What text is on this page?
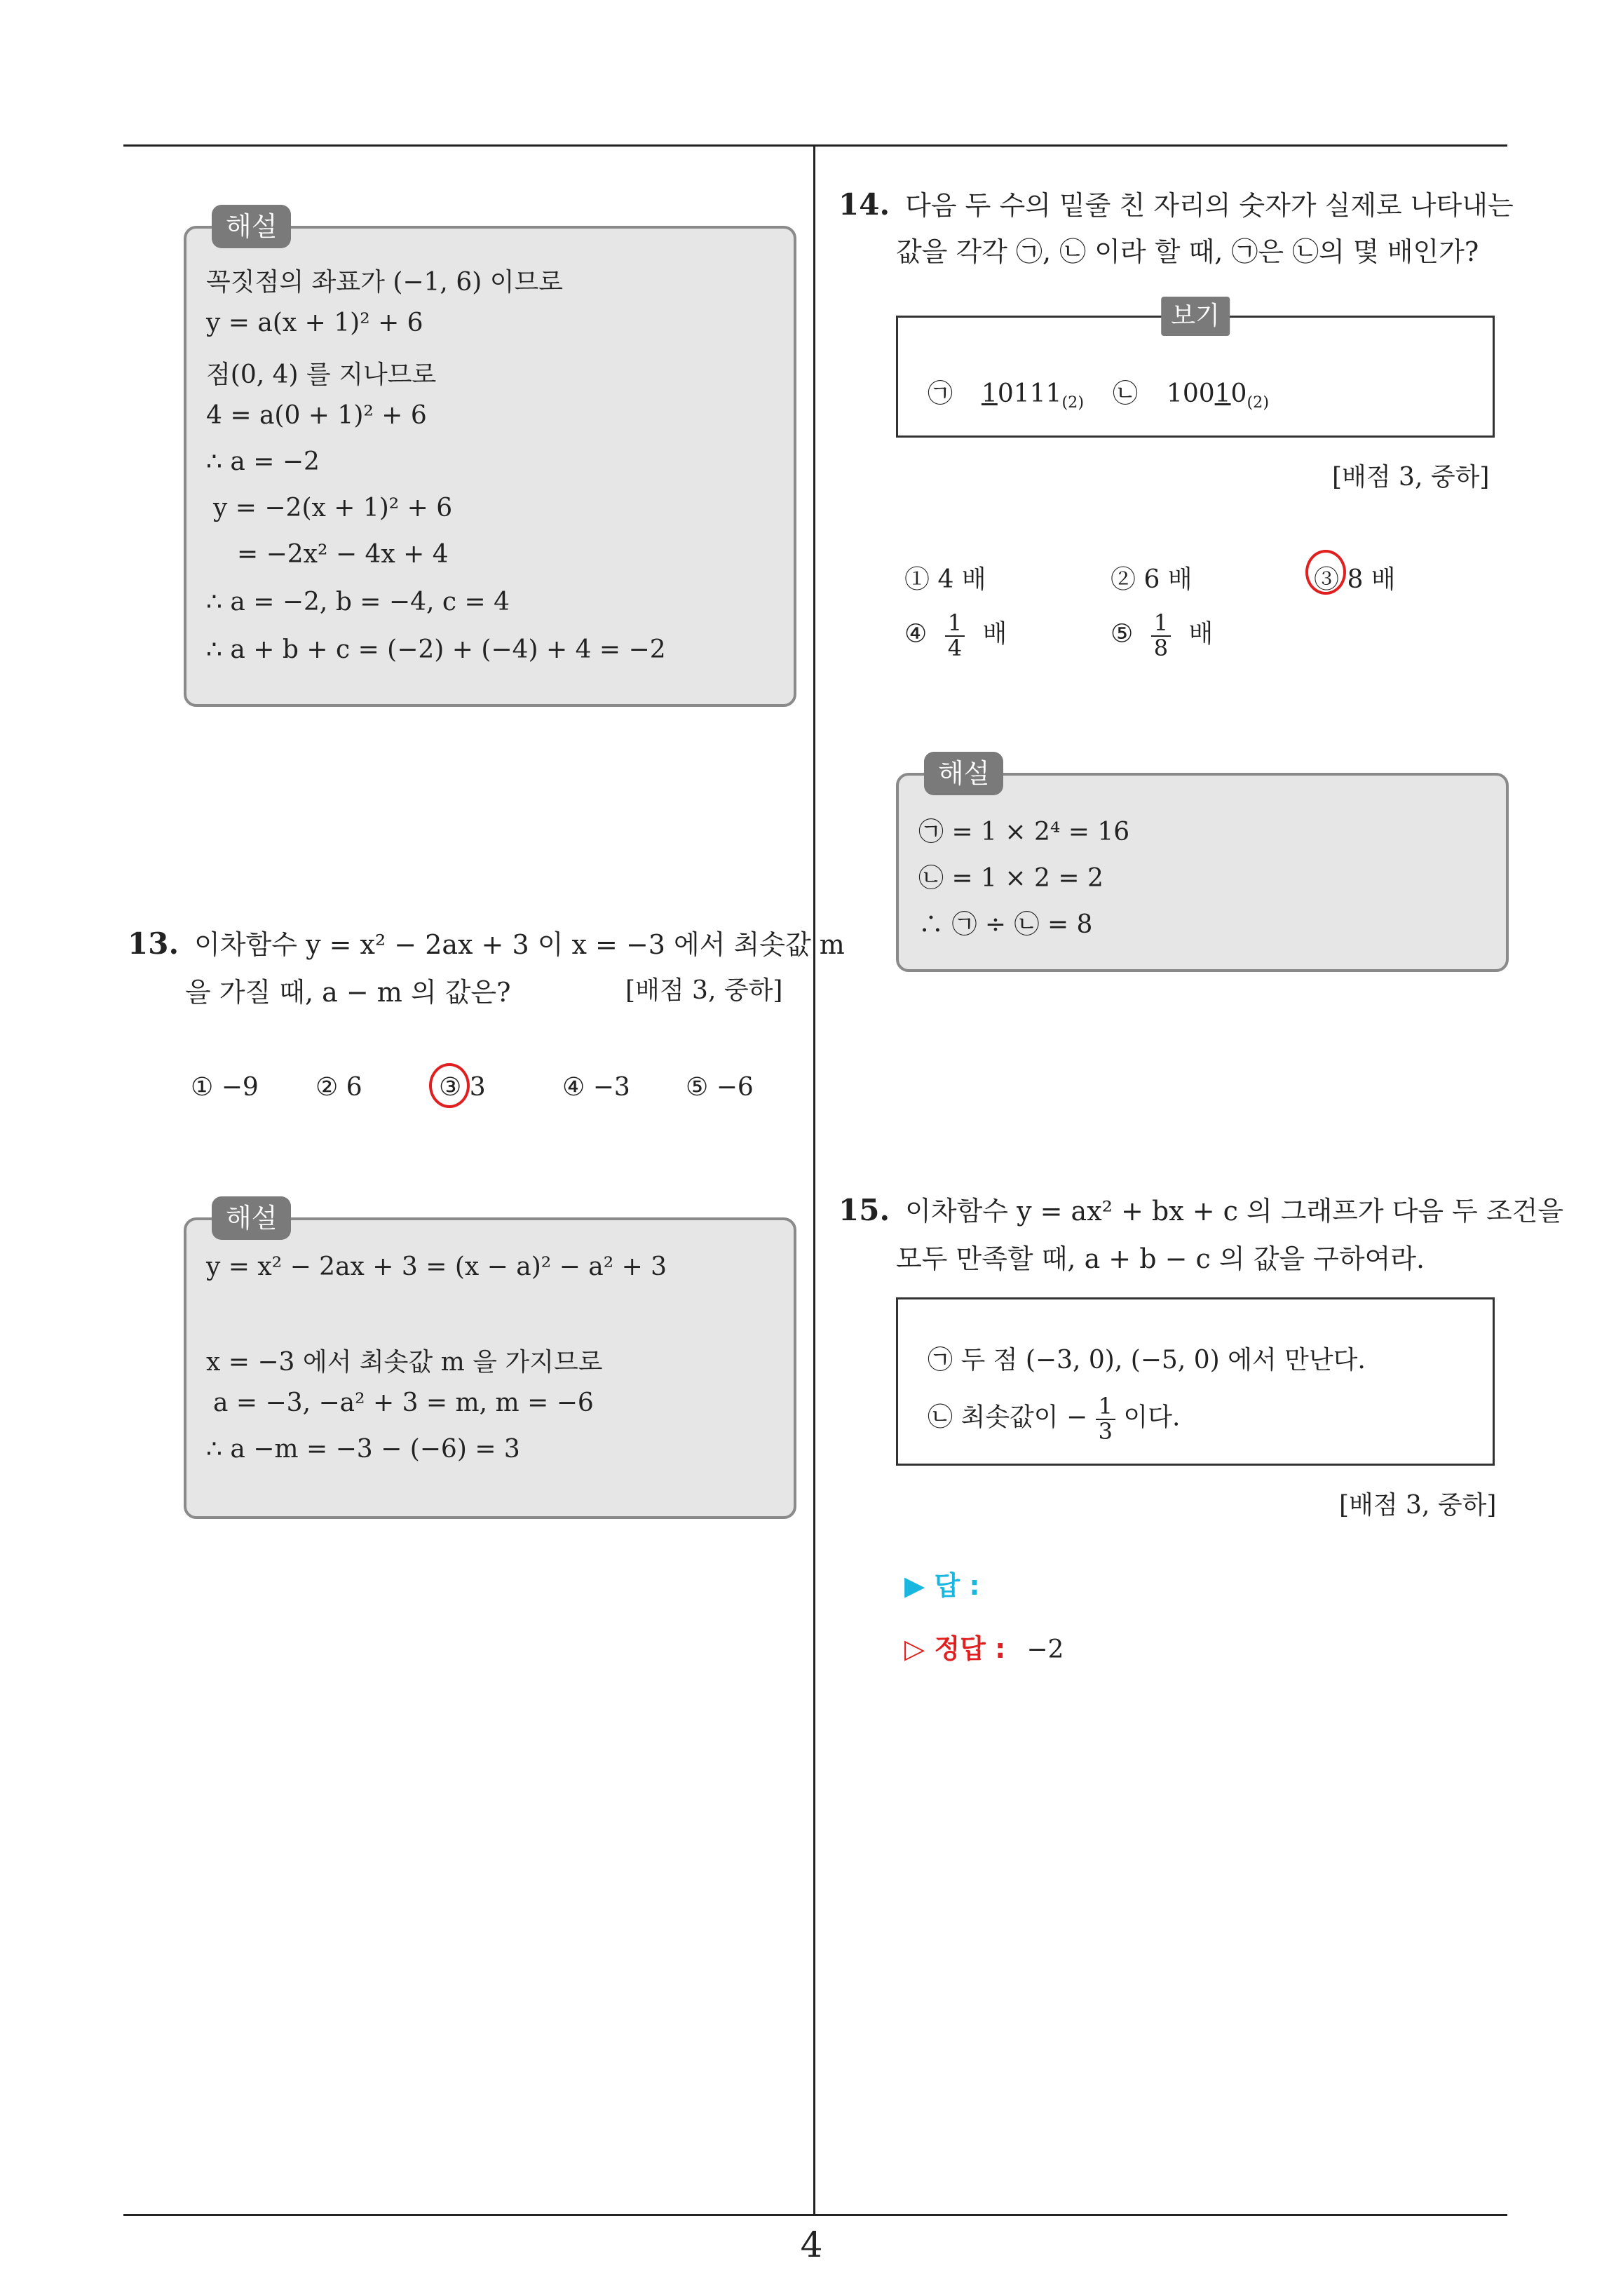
해설
꼭짓점의 좌표가 (−1, 6) 이므로
y = a(x + 1)² + 6
점(0, 4) 를 지나므로
4 = a(0 + 1)² + 6
∴ a = −2
y = −2(x + 1)² + 6
= −2x² − 4x + 4
∴ a = −2, b = −4, c = 4
∴ a + b + c = (−2) + (−4) + 4 = −2
13. 이차함수 y = x² − 2ax + 3 이 x = −3 에서 최솟값 m
을 가질 때, a − m 의 값은?	[배점 3, 중하]
① −9 ② 6	③ 3	④ −3 ⑤ −6
해설
y = x² − 2ax + 3 = (x − a)² − a² + 3
x = −3 에서 최솟값 m 을 가지므로
a = −3, −a² + 3 = m, m = −6
∴ a −m = −3 − (−6) = 3
14. 다음 두 수의 밑줄 친 자리의 숫자가 실제로 나타내는
값을 각각 ㉠, ㉡ 이라 할 때, ㉠은 ㉡의 몇 배인가?
보기
㉠ $10111_{(2)}$ ㉡ $10010_{(2)}$
[배점 3, 중하]
① 4 배	② 6 배	③ 8 배
④ $\frac{1}{4}$ 배	⑤ $\frac{1}{8}$ 배
해설
㉠ = 1 × 2⁴ = 16
㉡ = 1 × 2 = 2
∴ ㉠ ÷ ㉡ = 8
15. 이차함수 y = ax² + bx + c 의 그래프가 다음 두 조건을
모두 만족할 때, a + b − c 의 값을 구하여라.
㉠ 두 점 (−3, 0), (−5, 0) 에서 만난다.
㉡ 최솟값이 − $\frac{1}{3}$ 이다.
[배점 3, 중하]
▶ 답 :
▷ 정답 : −2
4
